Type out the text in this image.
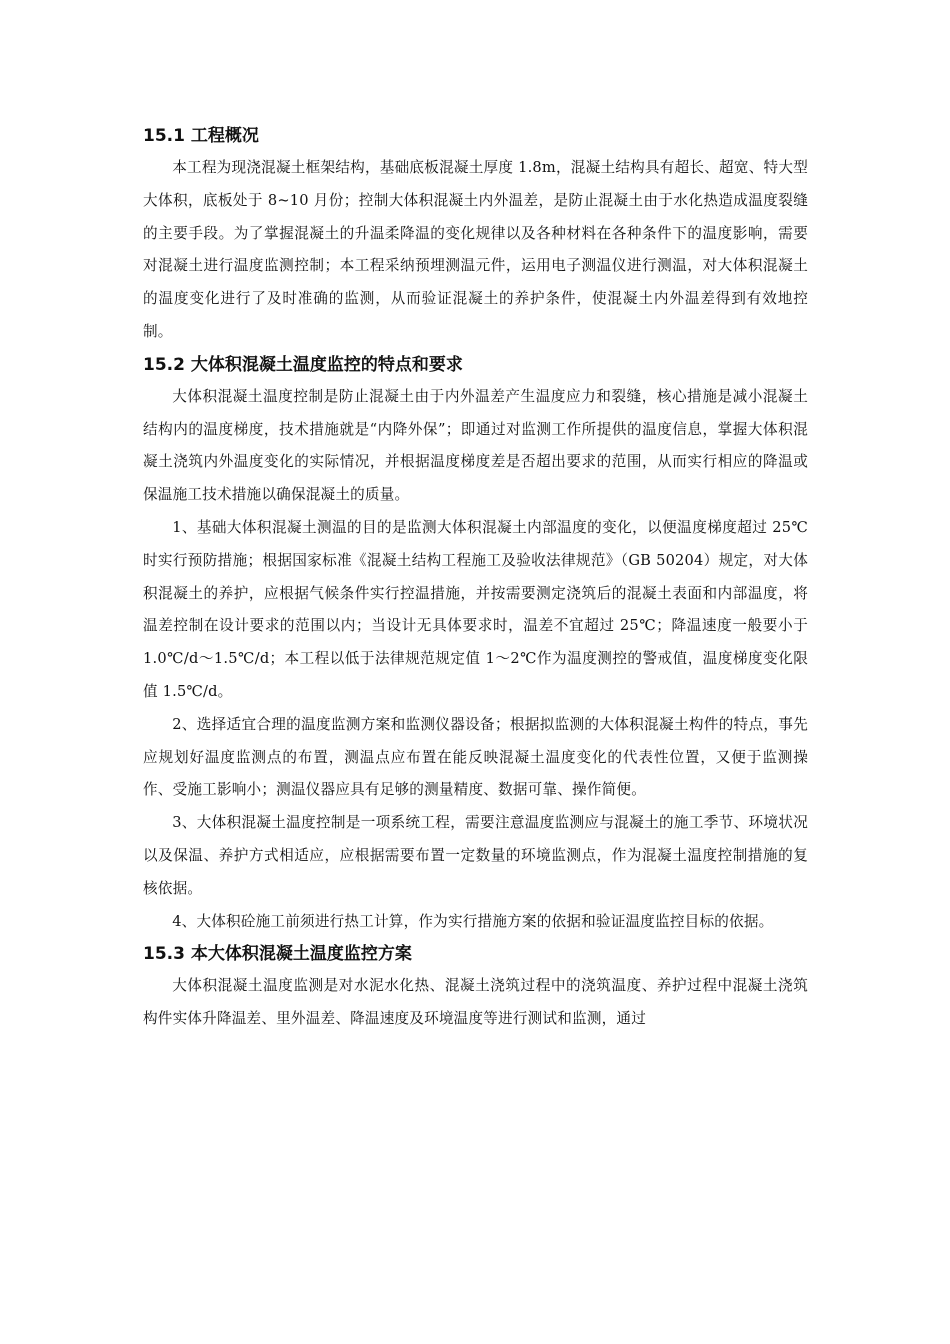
15.1 工程概况

本工程为现浇混凝土框架结构，基础底板混凝土厚度 1.8m，混凝土结构具有超长、超宽、特大型大体积，底板处于 8~10 月份；控制大体积混凝土内外温差，是防止混凝土由于水化热造成温度裂缝的主要手段。为了掌握混凝土的升温柔降温的变化规律以及各种材料在各种条件下的温度影响，需要对混凝土进行温度监测控制；本工程采纳预埋测温元件，运用电子测温仪进行测温，对大体积混凝土的温度变化进行了及时准确的监测，从而验证混凝土的养护条件，使混凝土内外温差得到有效地控制。

15.2 大体积混凝土温度监控的特点和要求

大体积混凝土温度控制是防止混凝土由于内外温差产生温度应力和裂缝，核心措施是减小混凝土结构内的温度梯度，技术措施就是“内降外保”；即通过对监测工作所提供的温度信息，掌握大体积混凝土浇筑内外温度变化的实际情况，并根据温度梯度差是否超出要求的范围，从而实行相应的降温或保温施工技术措施以确保混凝土的质量。

1、基础大体积混凝土测温的目的是监测大体积混凝土内部温度的变化，以便温度梯度超过 25℃时实行预防措施；根据国家标准《混凝土结构工程施工及验收法律规范》（GB 50204）规定，对大体积混凝土的养护，应根据气候条件实行控温措施，并按需要测定浇筑后的混凝土表面和内部温度，将温差控制在设计要求的范围以内；当设计无具体要求时，温差不宜超过 25℃；降温速度一般要小于 1.0℃/d～1.5℃/d；本工程以低于法律规范规定值 1～2℃作为温度测控的警戒值，温度梯度变化限值 1.5℃/d。

2、选择适宜合理的温度监测方案和监测仪器设备；根据拟监测的大体积混凝土构件的特点，事先应规划好温度监测点的布置，测温点应布置在能反映混凝土温度变化的代表性位置，又便于监测操作、受施工影响小；测温仪器应具有足够的测量精度、数据可靠、操作简便。

3、大体积混凝土温度控制是一项系统工程，需要注意温度监测应与混凝土的施工季节、环境状况以及保温、养护方式相适应，应根据需要布置一定数量的环境监测点，作为混凝土温度控制措施的复核依据。

4、大体积砼施工前须进行热工计算，作为实行措施方案的依据和验证温度监控目标的依据。

15.3 本大体积混凝土温度监控方案

大体积混凝土温度监测是对水泥水化热、混凝土浇筑过程中的浇筑温度、养护过程中混凝土浇筑构件实体升降温差、里外温差、降温速度及环境温度等进行测试和监测，通过
